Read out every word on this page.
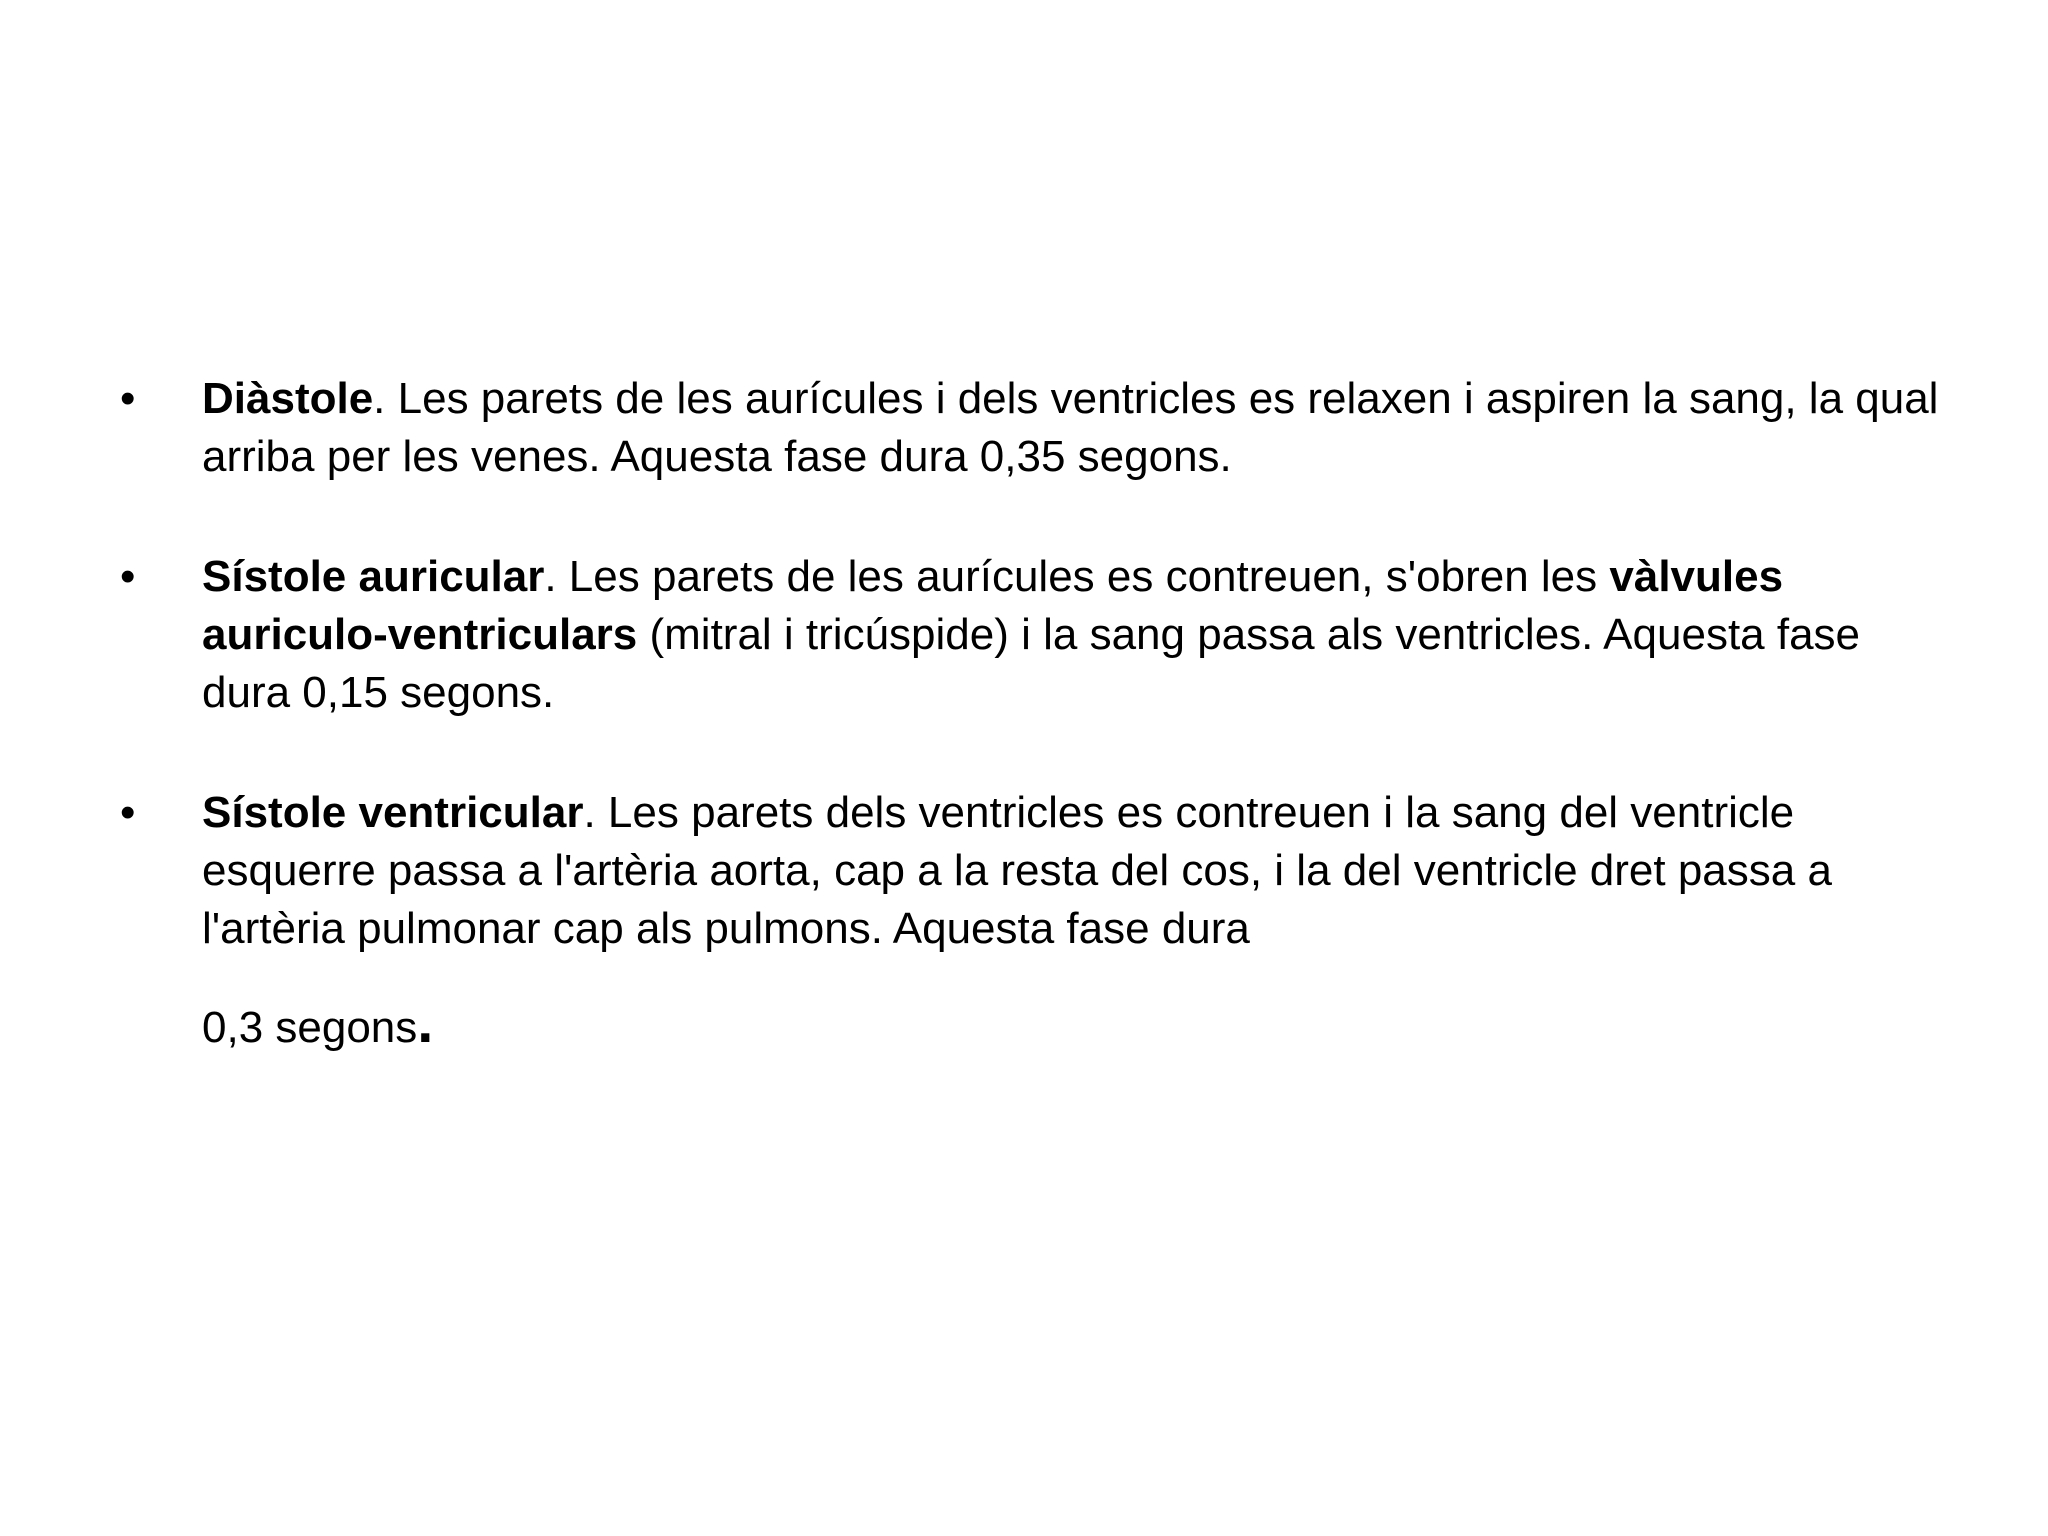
•	Diàstole. Les parets de les aurícules i dels ventricles es relaxen i aspiren la sang, la qual arriba per les venes. Aquesta fase dura 0,35 segons.
•	Sístole auricular. Les parets de les aurícules es contreuen, s'obren les vàlvules auriculo-ventriculars (mitral i tricúspide) i la sang passa als ventricles. Aquesta fase dura 0,15 segons.
•	Sístole ventricular. Les parets dels ventricles es contreuen i la sang del ventricle esquerre passa a l'artèria aorta, cap a la resta del cos, i la del ventricle dret passa a l'artèria pulmonar cap als pulmons. Aquesta fase dura
0,3 segons.
